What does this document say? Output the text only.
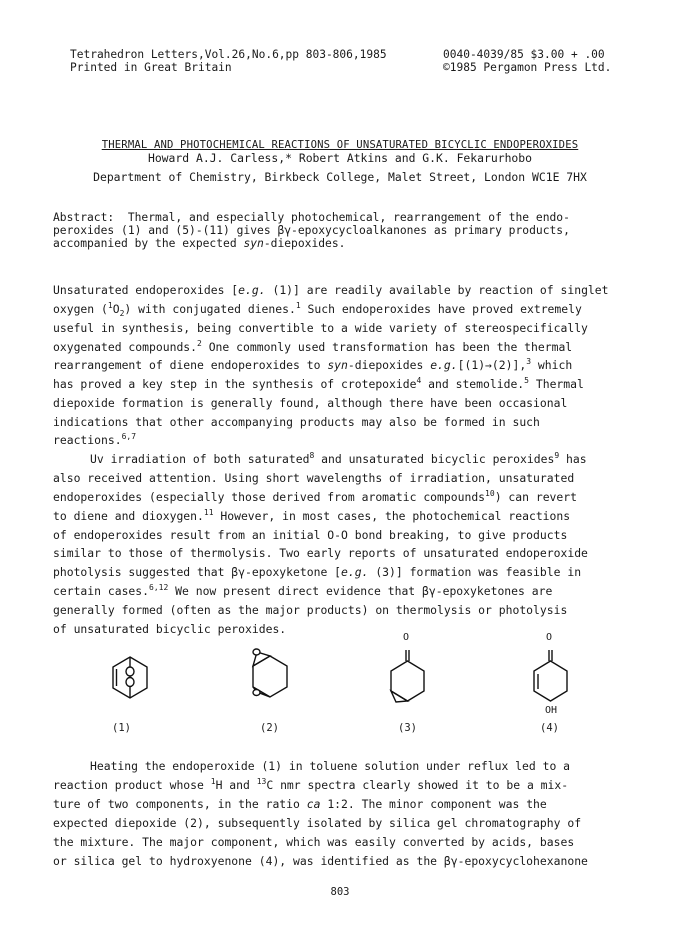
Tetrahedron Letters,Vol.26,No.6,pp 803-806,1985
Printed in Great Britain
0040-4039/85 $3.00 + .00
©1985 Pergamon Press Ltd.
THERMAL AND PHOTOCHEMICAL REACTIONS OF UNSATURATED BICYCLIC ENDOPEROXIDES
Howard A.J. Carless,* Robert Atkins and G.K. Fekarurhobo
Department of Chemistry, Birkbeck College, Malet Street, London WC1E 7HX
Abstract: Thermal, and especially photochemical, rearrangement of the endo-
peroxides (1) and (5)-(11) gives βγ-epoxycycloalkanones as primary products,
accompanied by the expected syn-diepoxides.
Unsaturated endoperoxides [e.g. (1)] are readily available by reaction of singlet
oxygen $(^1O_2)$ with conjugated dienes.$^1$ Such endoperoxides have proved extremely
useful in synthesis, being convertible to a wide variety of stereospecifically
oxygenated compounds.$^2$ One commonly used transformation has been the thermal
rearrangement of diene endoperoxides to syn-diepoxides e.g.[(1)→(2)],$^3$ which
has proved a key step in the synthesis of crotepoxide$^4$ and stemolide.$^5$ Thermal
diepoxide formation is generally found, although there have been occasional
indications that other accompanying products may also be formed in such
reactions.$^{6,7}$
Uv irradiation of both saturated$^8$ and unsaturated bicyclic peroxides$^9$ has
also received attention. Using short wavelengths of irradiation, unsaturated
endoperoxides (especially those derived from aromatic compounds$^{10}$) can revert
to diene and dioxygen.$^{11}$ However, in most cases, the photochemical reactions
of endoperoxides result from an initial O-O bond breaking, to give products
similar to those of thermolysis. Two early reports of unsaturated endoperoxide
photolysis suggested that βγ-epoxyketone [e.g. (3)] formation was feasible in
certain cases.$^{6,12}$ We now present direct evidence that βγ-epoxyketones are
generally formed (often as the major products) on thermolysis or photolysis
of unsaturated bicyclic peroxides.
(1)	(2)
O
(3)
O
OH
(4)
Heating the endoperoxide (1) in toluene solution under reflux led to a
reaction product whose $^1$H and $^{13}$C nmr spectra clearly showed it to be a mix-
ture of two components, in the ratio ca 1:2. The minor component was the
expected diepoxide (2), subsequently isolated by silica gel chromatography of
the mixture. The major component, which was easily converted by acids, bases
or silica gel to hydroxyenone (4), was identified as the βγ-epoxycyclohexanone
803
